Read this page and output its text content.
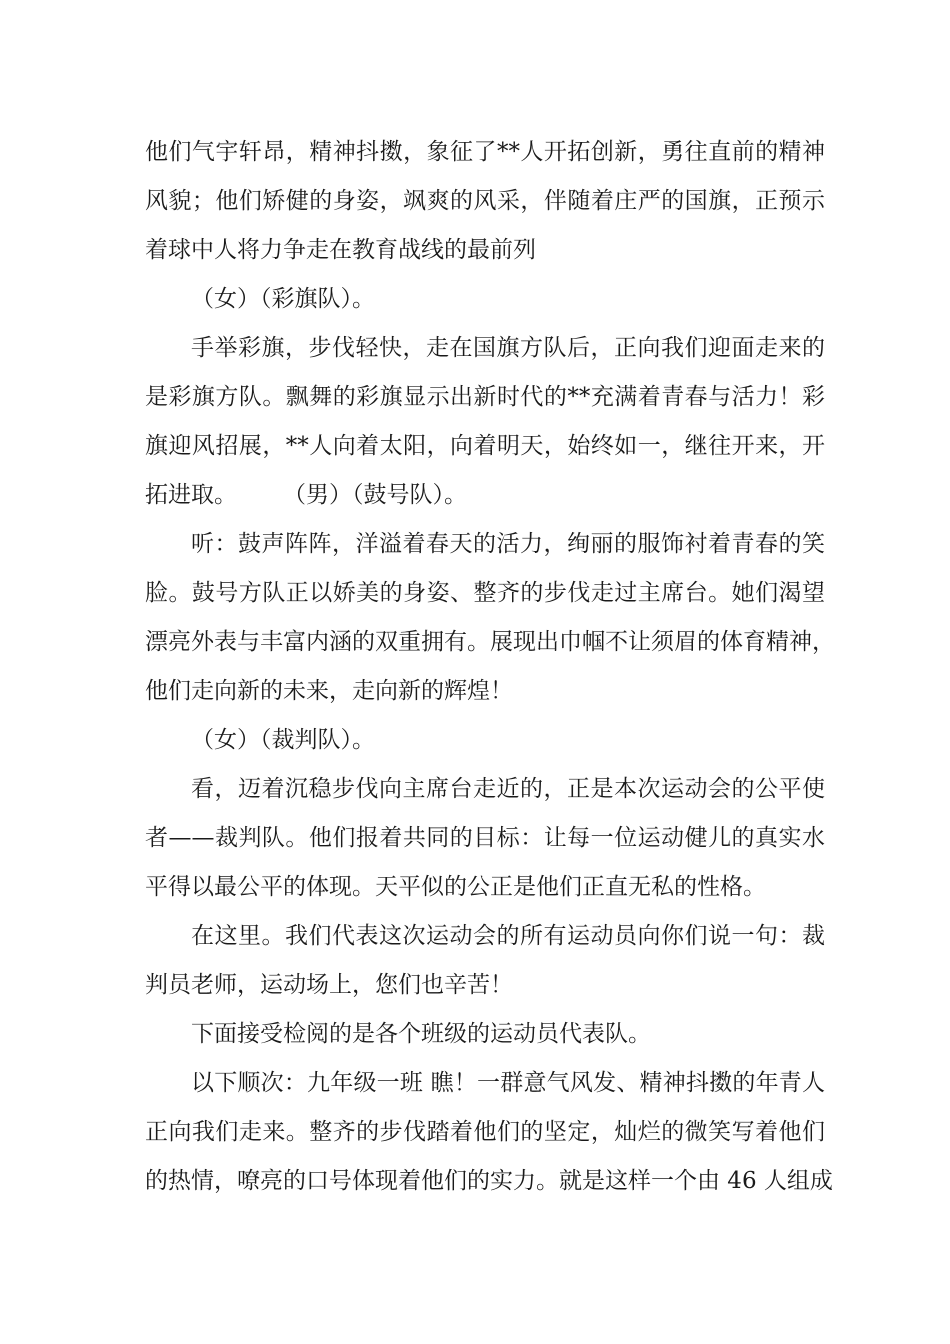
他们气宇轩昂，精神抖擞，象征了**人开拓创新，勇往直前的精神
风貌；他们矫健的身姿，飒爽的风采，伴随着庄严的国旗，正预示
着球中人将力争走在教育战线的最前列
（女）（彩旗队）。
手举彩旗，步伐轻快，走在国旗方队后，正向我们迎面走来的
是彩旗方队。飘舞的彩旗显示出新时代的**充满着青春与活力！彩
旗迎风招展，**人向着太阳，向着明天，始终如一，继往开来，开
拓进取。　　　（男）（鼓号队）。
听：鼓声阵阵，洋溢着春天的活力，绚丽的服饰衬着青春的笑
脸。鼓号方队正以娇美的身姿、整齐的步伐走过主席台。她们渴望
漂亮外表与丰富内涵的双重拥有。展现出巾帼不让须眉的体育精神，
他们走向新的未来，走向新的辉煌！
（女）（裁判队）。
看，迈着沉稳步伐向主席台走近的，正是本次运动会的公平使
者——裁判队。他们报着共同的目标：让每一位运动健儿的真实水
平得以最公平的体现。天平似的公正是他们正直无私的性格。
在这里。我们代表这次运动会的所有运动员向你们说一句：裁
判员老师，运动场上，您们也辛苦！
下面接受检阅的是各个班级的运动员代表队。
以下顺次：九年级一班 瞧！一群意气风发、精神抖擞的年青人
正向我们走来。整齐的步伐踏着他们的坚定，灿烂的微笑写着他们
的热情，嘹亮的口号体现着他们的实力。就是这样一个由 46 人组成
